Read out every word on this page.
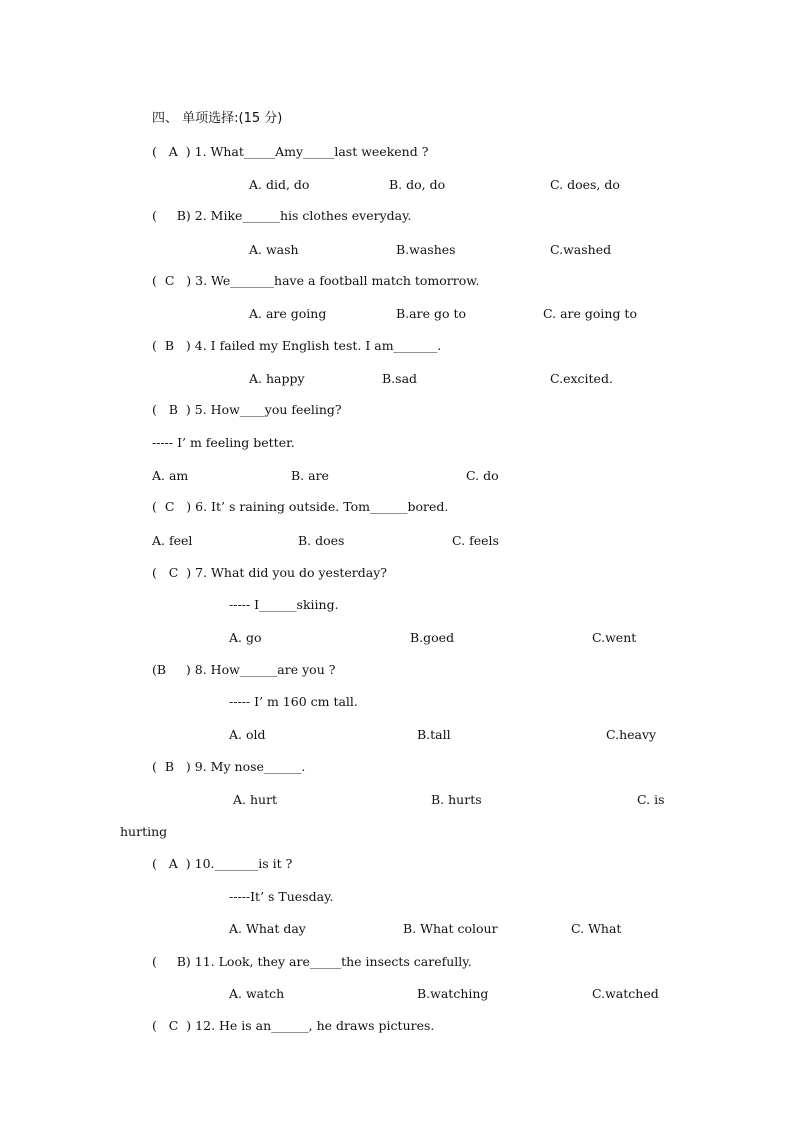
四、 单项选择:(15 分)
(   A  ) 1. What_____Amy_____last weekend ?
A. did, do	B. do, do	C. does, do
(     B) 2. Mike______his clothes everyday.
A. wash	B.washes	C.washed
(  C   ) 3. We_______have a football match tomorrow.
A. are going	B.are go to	C. are going to
(  B   ) 4. I failed my English test. I am_______.
A. happy	B.sad	C.excited.
(   B  ) 5. How____you feeling?
----- I’ m feeling better.
A. am	B. are	C. do
(  C   ) 6. It’ s raining outside. Tom______bored.
A. feel	B. does	C. feels
(   C  ) 7. What did you do yesterday?
----- I______skiing.
A. go	B.goed	C.went
(B     ) 8. How______are you ?
----- I’ m 160 cm tall.
A. old	B.tall	C.heavy
(  B   ) 9. My nose______.
A. hurt	B. hurts	C. is
hurting
(   A  ) 10._______is it ?
-----It’ s Tuesday.
A. What day	B. What colour	C. What
(     B) 11. Look, they are_____the insects carefully.
A. watch	B.watching	C.watched
(   C  ) 12. He is an______, he draws pictures.
